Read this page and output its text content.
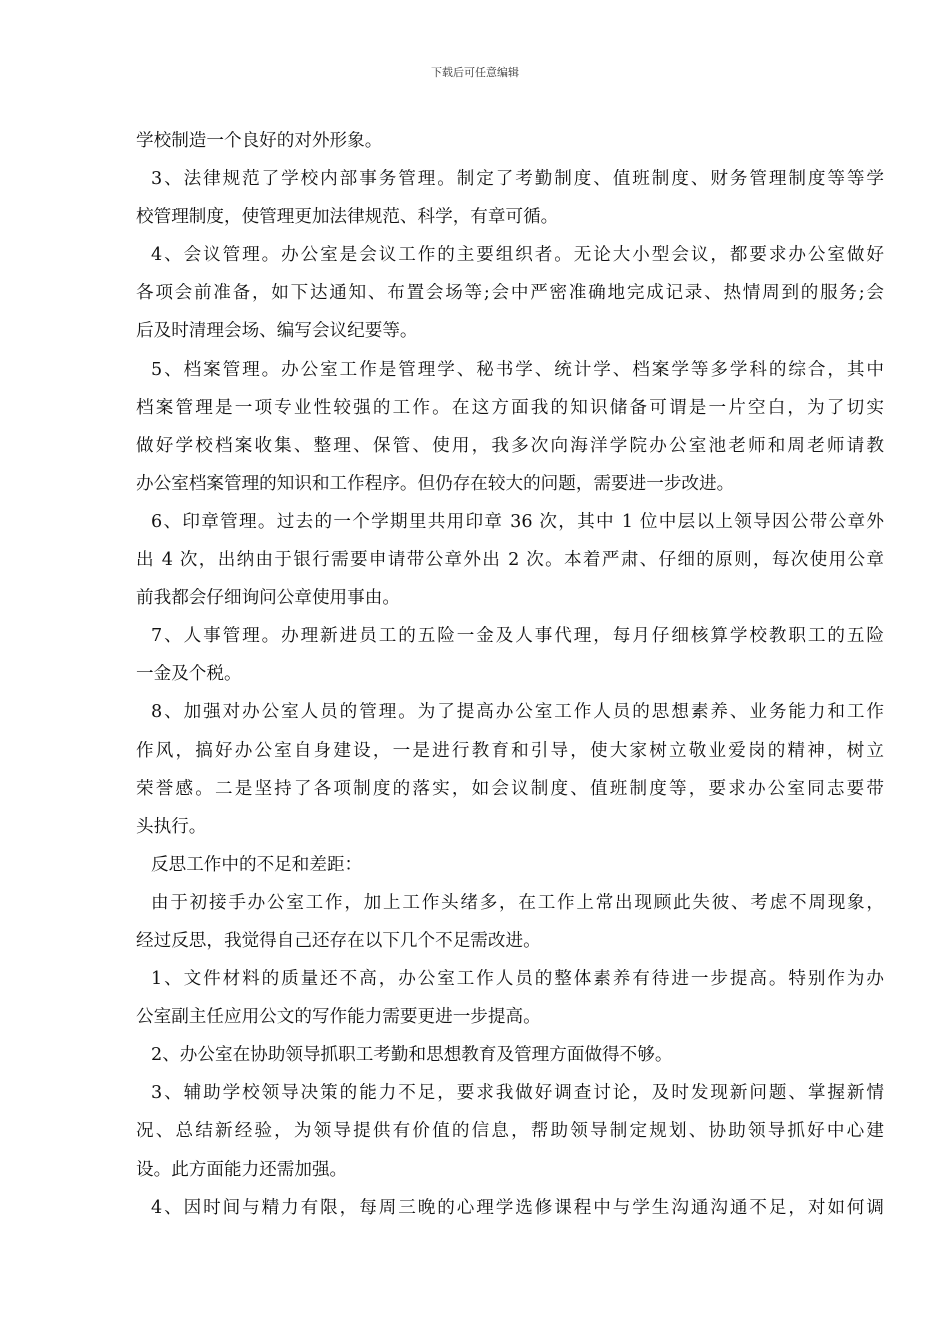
下载后可任意编辑
学校制造一个良好的对外形象。
3、法律规范了学校内部事务管理。制定了考勤制度、值班制度、财务管理制度等等学
校管理制度，使管理更加法律规范、科学，有章可循。
4、会议管理。办公室是会议工作的主要组织者。无论大小型会议，都要求办公室做好
各项会前准备，如下达通知、布置会场等;会中严密准确地完成记录、热情周到的服务;会
后及时清理会场、编写会议纪要等。
5、档案管理。办公室工作是管理学、秘书学、统计学、档案学等多学科的综合，其中
档案管理是一项专业性较强的工作。在这方面我的知识储备可谓是一片空白，为了切实
做好学校档案收集、整理、保管、使用，我多次向海洋学院办公室池老师和周老师请教
办公室档案管理的知识和工作程序。但仍存在较大的问题，需要进一步改进。
6、印章管理。过去的一个学期里共用印章 36 次，其中 1 位中层以上领导因公带公章外
出 4 次，出纳由于银行需要申请带公章外出 2 次。本着严肃、仔细的原则，每次使用公章
前我都会仔细询问公章使用事由。
7、人事管理。办理新进员工的五险一金及人事代理，每月仔细核算学校教职工的五险
一金及个税。
8、加强对办公室人员的管理。为了提高办公室工作人员的思想素养、业务能力和工作
作风，搞好办公室自身建设，一是进行教育和引导，使大家树立敬业爱岗的精神，树立
荣誉感。二是坚持了各项制度的落实，如会议制度、值班制度等，要求办公室同志要带
头执行。
反思工作中的不足和差距：
由于初接手办公室工作，加上工作头绪多，在工作上常出现顾此失彼、考虑不周现象，
经过反思，我觉得自己还存在以下几个不足需改进。
1、文件材料的质量还不高，办公室工作人员的整体素养有待进一步提高。特别作为办
公室副主任应用公文的写作能力需要更进一步提高。
2、办公室在协助领导抓职工考勤和思想教育及管理方面做得不够。
3、辅助学校领导决策的能力不足，要求我做好调查讨论，及时发现新问题、掌握新情
况、总结新经验，为领导提供有价值的信息，帮助领导制定规划、协助领导抓好中心建
设。此方面能力还需加强。
4、因时间与精力有限，每周三晚的心理学选修课程中与学生沟通沟通不足，对如何调
